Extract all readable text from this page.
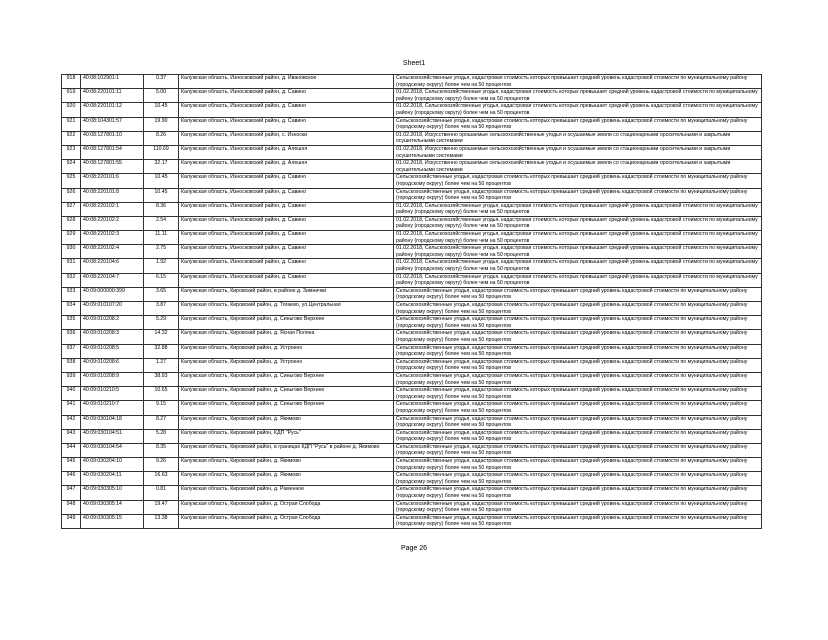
Sheet1
918	40:08:102901:1	0.37	Калужская область, Износковский район, д. Ивановское	Сельскохозяйственные угодья, кадастровая стоимость которых превышает средний уровень кадастровой стоимости по муниципальному району (городскому округу) более чем на 50 процентов
919	40:08:220101:11	5.00	Калужская область, Износковский район, д. Савино	01.02.2018, Сельскохозяйственные угодья, кадастровая стоимость которых превышает средний уровень кадастровой стоимости по муниципальному району (городскому округу) более чем на 50 процентов
920	40:08:220101:12	10.45	Калужская область, Износковский район, д. Савино	01.02.2018, Сельскохозяйственные угодья, кадастровая стоимость которых превышает средний уровень кадастровой стоимости по муниципальному району (городскому округу) более чем на 50 процентов
921	40:08:104301:57	19.90	Калужская область, Износковский район, д. Савино	Сельскохозяйственные угодья, кадастровая стоимость которых превышает средний уровень кадастровой стоимости по муниципальному району (городскому округу) более чем на 50 процентов
922	40:08:127801:10	8.26	Калужская область, Износковский район, с. Износки	01.02.2018, Искусственно орошаемые сельскохозяйственные угодья и осушаемые земли со стационарными оросительными и закрытыми осушительными системами
923	40:08:127801:54	110.69	Калужская область, Износковский район, д. Алешня	01.02.2018, Искусственно орошаемые сельскохозяйственные угодья и осушаемые земли со стационарными оросительными и закрытыми осушительными системами
924	40:08:127801:55	32.17	Калужская область, Износковский район, д. Алешня	01.02.2018, Искусственно орошаемые сельскохозяйственные угодья и осушаемые земли со стационарными оросительными и закрытыми осушительными системами
925	40:08:220101:6	10.45	Калужская область, Износковский район, д. Савино	Сельскохозяйственные угодья, кадастровая стоимость которых превышает средний уровень кадастровой стоимости по муниципальному району (городскому округу) более чем на 50 процентов
926	40:08:220101:8	10.45	Калужская область, Износковский район, д. Савино	Сельскохозяйственные угодья, кадастровая стоимость которых превышает средний уровень кадастровой стоимости по муниципальному району (городскому округу) более чем на 50 процентов
927	40:08:220102:1	8.36	Калужская область, Износковский район, д. Савино	01.02.2018, Сельскохозяйственные угодья, кадастровая стоимость которых превышает средний уровень кадастровой стоимости по муниципальному району (городскому округу) более чем на 50 процентов
928	40:08:220102:2	2.54	Калужская область, Износковский район, д. Савино	01.02.2018, Сельскохозяйственные угодья, кадастровая стоимость которых превышает средний уровень кадастровой стоимости по муниципальному району (городскому округу) более чем на 50 процентов
929	40:08:220102:3	11.11	Калужская область, Износковский район, д. Савино	01.02.2018, Сельскохозяйственные угодья, кадастровая стоимость которых превышает средний уровень кадастровой стоимости по муниципальному району (городскому округу) более чем на 50 процентов
930	40:08:220102:4	2.75	Калужская область, Износковский район, д. Савино	01.02.2018, Сельскохозяйственные угодья, кадастровая стоимость которых превышает средний уровень кадастровой стоимости по муниципальному району (городскому округу) более чем на 50 процентов
931	40:08:220104:6	1.92	Калужская область, Износковский район, д. Савино	01.02.2018, Сельскохозяйственные угодья, кадастровая стоимость которых превышает средний уровень кадастровой стоимости по муниципальному району (городскому округу) более чем на 50 процентов
932	40:08:220104:7	6.15	Калужская область, Износковский район, д. Савино	01.02.2018, Сельскохозяйственные угодья, кадастровая стоимость которых превышает средний уровень кадастровой стоимости по муниципальному району (городскому округу) более чем на 50 процентов
933	40:09:000000:399	3.65	Калужская область, Кировский район, в районе д. Зимнички	Сельскохозяйственные угодья, кадастровая стоимость которых превышает средний уровень кадастровой стоимости по муниципальному району (городскому округу) более чем на 50 процентов
934	40:09:010107:20	3.87	Калужская область, Кировский район, д. Тягаево, ул.Центральная	Сельскохозяйственные угодья, кадастровая стоимость которых превышает средний уровень кадастровой стоимости по муниципальному району (городскому округу) более чем на 50 процентов
935	40:09:010208:2	5.29	Калужская область, Кировский район, д. Синьгово Верхнее	Сельскохозяйственные угодья, кадастровая стоимость которых превышает средний уровень кадастровой стоимости по муниципальному району (городскому округу) более чем на 50 процентов
936	40:09:010208:3	14.32	Калужская область, Кировский район, д. Ясная Поляна	Сельскохозяйственные угодья, кадастровая стоимость которых превышает средний уровень кадастровой стоимости по муниципальному району (городскому округу) более чем на 50 процентов
937	40:09:010208:5	32.88	Калужская область, Кировский район, д. Устроено	Сельскохозяйственные угодья, кадастровая стоимость которых превышает средний уровень кадастровой стоимости по муниципальному району (городскому округу) более чем на 50 процентов
938	40:09:010208:6	1.27	Калужская область, Кировский район, д. Устроено	Сельскохозяйственные угодья, кадастровая стоимость которых превышает средний уровень кадастровой стоимости по муниципальному району (городскому округу) более чем на 50 процентов
939	40:09:010208:9	38.93	Калужская область, Кировский район, д. Синьгово Верхнее	Сельскохозяйственные угодья, кадастровая стоимость которых превышает средний уровень кадастровой стоимости по муниципальному району (городскому округу) более чем на 50 процентов
940	40:09:010210:5	10.65	Калужская область, Кировский район, д. Синьгово Верхнее	Сельскохозяйственные угодья, кадастровая стоимость которых превышает средний уровень кадастровой стоимости по муниципальному району (городскому округу) более чем на 50 процентов
941	40:09:010210:7	9.15	Калужская область, Кировский район, д. Синьгово Верхнее	Сельскохозяйственные угодья, кадастровая стоимость которых превышает средний уровень кадастровой стоимости по муниципальному району (городскому округу) более чем на 50 процентов
942	40:09:030104:18	8.27	Калужская область, Кировский район, д. Якимово	Сельскохозяйственные угодья, кадастровая стоимость которых превышает средний уровень кадастровой стоимости по муниципальному району (городскому округу) более чем на 50 процентов
943	40:09:030104:51	5.28	Калужская область, Кировский район, КДП "Русь"	Сельскохозяйственные угодья, кадастровая стоимость которых превышает средний уровень кадастровой стоимости по муниципальному району (городскому округу) более чем на 50 процентов
944	40:09:030104:54	8.35	Калужская область, Кировский район, в границах КДП "Русь" в районе д. Якимово	Сельскохозяйственные угодья, кадастровая стоимость которых превышает средний уровень кадастровой стоимости по муниципальному району (городскому округу) более чем на 50 процентов
945	40:09:030204:10	9.26	Калужская область, Кировский район, д. Якимово	Сельскохозяйственные угодья, кадастровая стоимость которых превышает средний уровень кадастровой стоимости по муниципальному району (городскому округу) более чем на 50 процентов
946	40:09:030204:11	16.63	Калужская область, Кировский район, д. Якимово	Сельскохозяйственные угодья, кадастровая стоимость которых превышает средний уровень кадастровой стоимости по муниципальному району (городскому округу) более чем на 50 процентов
947	40:09:030305:10	0.81	Калужская область, Кировский район, д. Раменное	Сельскохозяйственные угодья, кадастровая стоимость которых превышает средний уровень кадастровой стоимости по муниципальному району (городскому округу) более чем на 50 процентов
948	40:09:030305:14	19.47	Калужская область, Кировский район, д. Острая Слобода	Сельскохозяйственные угодья, кадастровая стоимость которых превышает средний уровень кадастровой стоимости по муниципальному району (городскому округу) более чем на 50 процентов
949	40:09:030305:15	13.38	Калужская область, Кировский район, д. Острая Слобода	Сельскохозяйственные угодья, кадастровая стоимость которых превышает средний уровень кадастровой стоимости по муниципальному району (городскому округу) более чем на 50 процентов
Page 26
